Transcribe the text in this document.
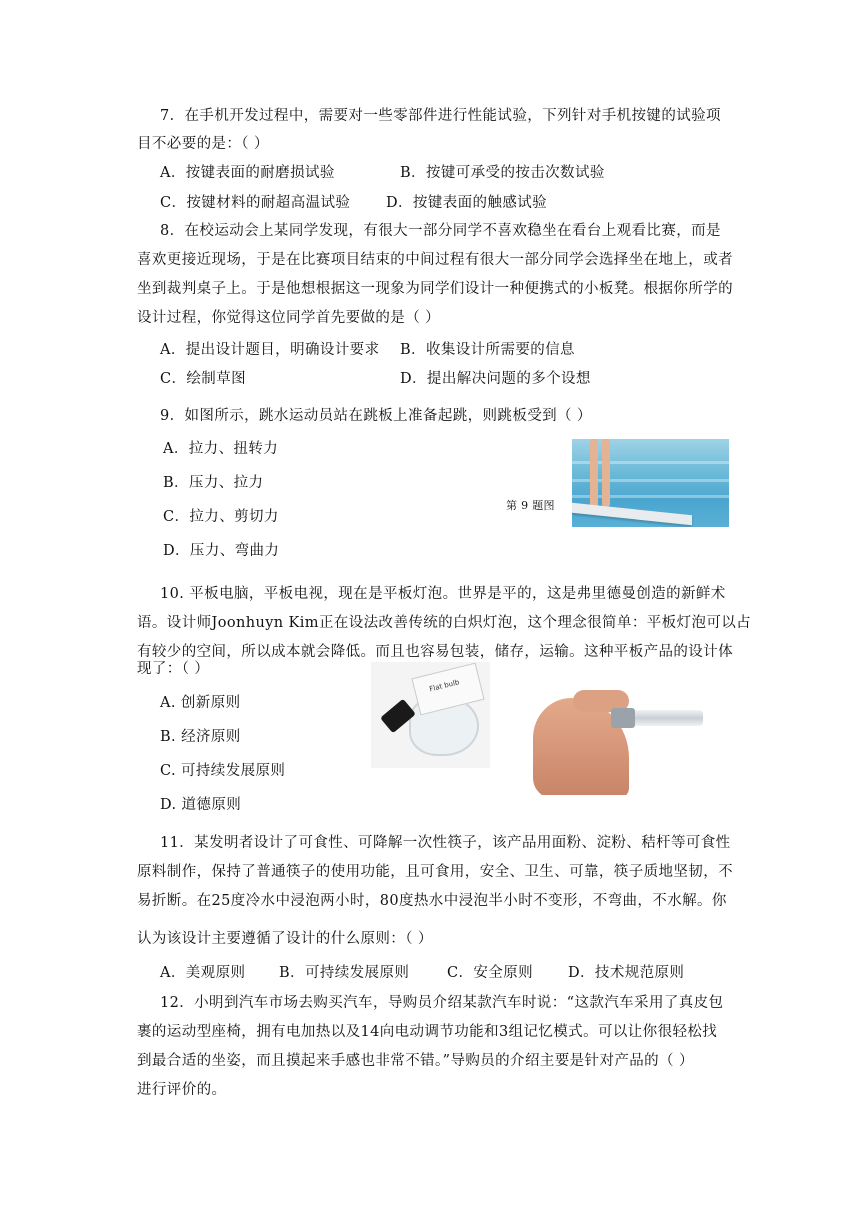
7．在手机开发过程中，需要对一些零部件进行性能试验，下列针对手机按键的试验项
目不必要的是：（ ）
A．按键表面的耐磨损试验	B．按键可承受的按击次数试验
C．按键材料的耐超高温试验 D．按键表面的触感试验
8．在校运动会上某同学发现，有很大一部分同学不喜欢稳坐在看台上观看比赛，而是
喜欢更接近现场，于是在比赛项目结束的中间过程有很大一部分同学会选择坐在地上，或者
坐到裁判桌子上。于是他想根据这一现象为同学们设计一种便携式的小板凳。根据你所学的
设计过程，你觉得这位同学首先要做的是（ ）
A．提出设计题目，明确设计要求 B．收集设计所需要的信息
C．绘制草图	D．提出解决问题的多个设想
9．如图所示，跳水运动员站在跳板上准备起跳，则跳板受到（ ）
A．拉力、扭转力
B．压力、拉力
C．拉力、剪切力
D．压力、弯曲力
第 9 题图
10. 平板电脑，平板电视，现在是平板灯泡。世界是平的，这是弗里德曼创造的新鲜术
语。设计师Joonhuyn Kim正在设法改善传统的白炽灯泡，这个理念很简单：平板灯泡可以占
有较少的空间，所以成本就会降低。而且也容易包装，储存，运输。这种平板产品的设计体
现了：（ ）
A. 创新原则
B. 经济原则
C. 可持续发展原则
D. 道德原则
Flat bulb
11．某发明者设计了可食性、可降解一次性筷子，该产品用面粉、淀粉、秸杆等可食性
原料制作，保持了普通筷子的使用功能，且可食用，安全、卫生、可靠，筷子质地坚韧，不
易折断。在25度冷水中浸泡两小时，80度热水中浸泡半小时不变形，不弯曲，不水解。你
认为该设计主要遵循了设计的什么原则：（ ）
A．美观原则 B．可持续发展原则	C．安全原则 D．技术规范原则
12．小明到汽车市场去购买汽车，导购员介绍某款汽车时说：“这款汽车采用了真皮包
裹的运动型座椅，拥有电加热以及14向电动调节功能和3组记忆模式。可以让你很轻松找
到最合适的坐姿，而且摸起来手感也非常不错。”导购员的介绍主要是针对产品的（ ）
进行评价的。
